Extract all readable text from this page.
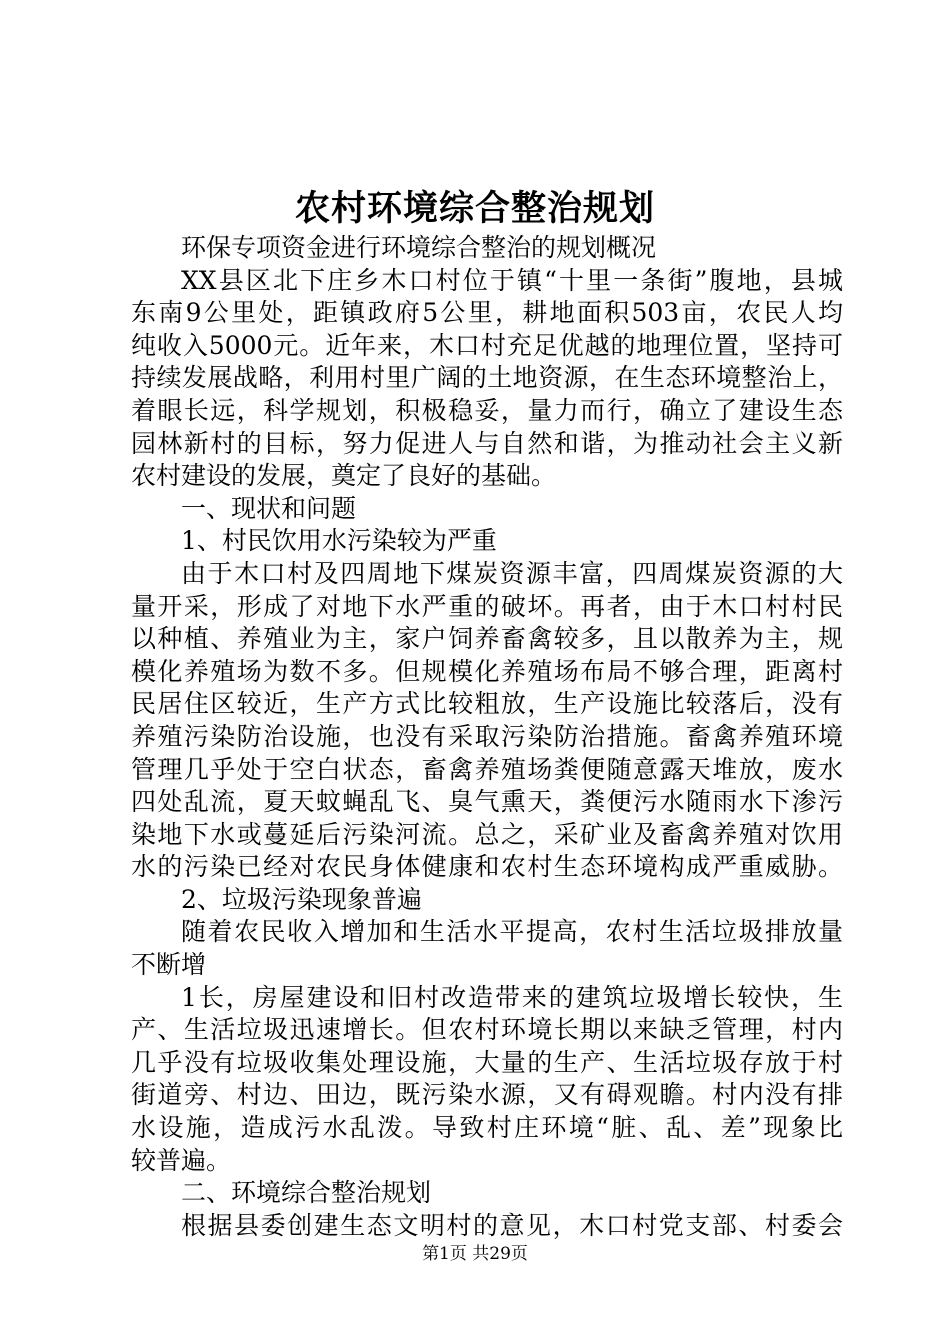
农村环境综合整治规划
环保专项资金进行环境综合整治的规划概况
XX县区北下庄乡木口村位于镇“十里一条街”腹地，县城
东南9公里处，距镇政府5公里，耕地面积503亩，农民人均
纯收入5000元。近年来，木口村充足优越的地理位置，坚持可
持续发展战略，利用村里广阔的土地资源，在生态环境整治上，
着眼长远，科学规划，积极稳妥，量力而行，确立了建设生态
园林新村的目标，努力促进人与自然和谐，为推动社会主义新
农村建设的发展，奠定了良好的基础。
一、现状和问题
1、村民饮用水污染较为严重
由于木口村及四周地下煤炭资源丰富，四周煤炭资源的大
量开采，形成了对地下水严重的破坏。再者，由于木口村村民
以种植、养殖业为主，家户饲养畜禽较多，且以散养为主，规
模化养殖场为数不多。但规模化养殖场布局不够合理，距离村
民居住区较近，生产方式比较粗放，生产设施比较落后，没有
养殖污染防治设施，也没有采取污染防治措施。畜禽养殖环境
管理几乎处于空白状态，畜禽养殖场粪便随意露天堆放，废水
四处乱流，夏天蚊蝇乱飞、臭气熏天，粪便污水随雨水下渗污
染地下水或蔓延后污染河流。总之，采矿业及畜禽养殖对饮用
水的污染已经对农民身体健康和农村生态环境构成严重威胁。
2、垃圾污染现象普遍
随着农民收入增加和生活水平提高，农村生活垃圾排放量
不断增
1长，房屋建设和旧村改造带来的建筑垃圾增长较快，生
产、生活垃圾迅速增长。但农村环境长期以来缺乏管理，村内
几乎没有垃圾收集处理设施，大量的生产、生活垃圾存放于村
街道旁、村边、田边，既污染水源，又有碍观瞻。村内没有排
水设施，造成污水乱泼。导致村庄环境“脏、乱、差”现象比
较普遍。
二、环境综合整治规划
根据县委创建生态文明村的意见，木口村党支部、村委会
第1页 共29页
